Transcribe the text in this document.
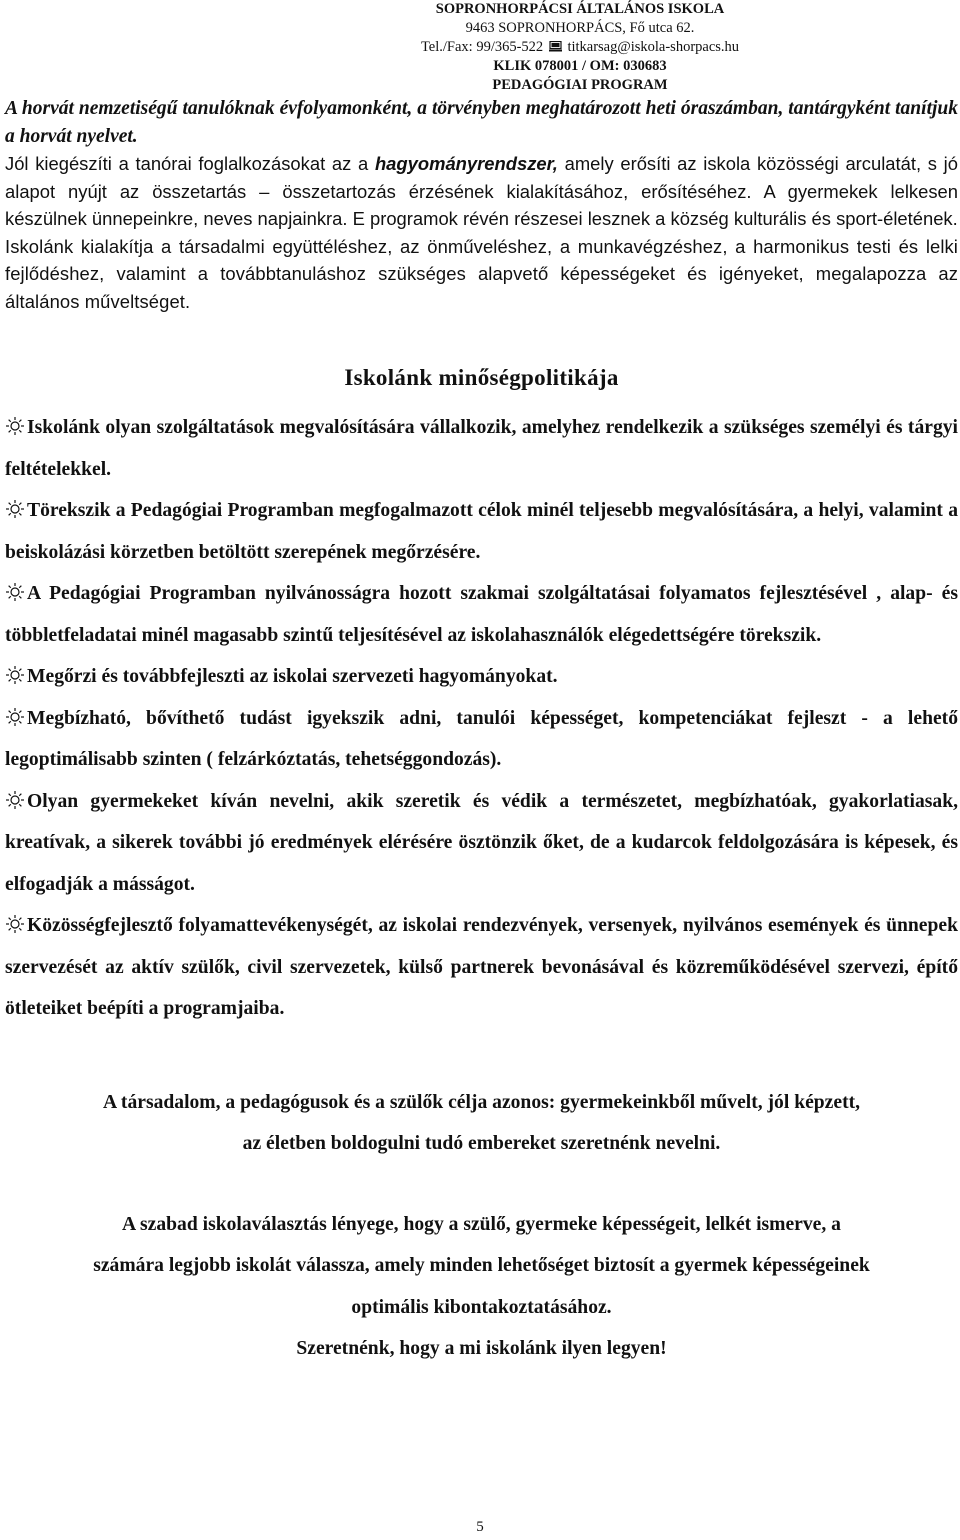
SOPRONHORPÁCSI ÁLTALÁNOS ISKOLA
9463 SOPRONHORPÁCS, Fő utca 62.
Tel./Fax: 99/365-522 titkarsag@iskola-shorpacs.hu
KLIK 078001 / OM: 030683
PEDAGÓGIAI PROGRAM

A horvát nemzetiségű tanulóknak évfolyamonként, a törvényben meghatározott heti óraszámban, tantárgyként tanítjuk a horvát nyelvet.

Jól kiegészíti a tanórai foglalkozásokat az a hagyományrendszer, amely erősíti az iskola közösségi arculatát, s jó alapot nyújt az összetartás – összetartozás érzésének kialakításához, erősítéséhez. A gyermekek lelkesen készülnek ünnepeinkre, neves napjainkra. E programok révén részesei lesznek a község kulturális és sport-életének.

Iskolánk kialakítja a társadalmi együttéléshez, az önműveléshez, a munkavégzéshez, a harmonikus testi és lelki fejlődéshez, valamint a továbbtanuláshoz szükséges alapvető képességeket és igényeket, megalapozza az általános műveltséget.

Iskolánk minőségpolitikája

Iskolánk olyan szolgáltatások megvalósítására vállalkozik, amelyhez rendelkezik a szükséges személyi és tárgyi feltételekkel.

Törekszik a Pedagógiai Programban megfogalmazott célok minél teljesebb megvalósítására, a helyi, valamint a beiskolázási körzetben betöltött szerepének megőrzésére.

A Pedagógiai Programban nyilvánosságra hozott szakmai szolgáltatásai folyamatos fejlesztésével , alap- és többletfeladatai minél magasabb szintű teljesítésével az iskolahasználók elégedettségére törekszik.

Megőrzi és továbbfejleszti az iskolai szervezeti hagyományokat.

Megbízható, bővíthető tudást igyekszik adni, tanulói képességet, kompetenciákat fejleszt - a lehető legoptimálisabb szinten ( felzárkóztatás, tehetséggondozás).

Olyan gyermekeket kíván nevelni, akik szeretik és védik a természetet, megbízhatóak, gyakorlatiasak, kreatívak, a sikerek további jó eredmények elérésére ösztönzik őket, de a kudarcok feldolgozására is képesek, és elfogadják a másságot.

Közösségfejlesztő folyamattevékenységét, az iskolai rendezvények, versenyek, nyilvános események és ünnepek szervezését az aktív szülők, civil szervezetek, külső partnerek bevonásával és közreműködésével szervezi, építő ötleteiket beépíti a programjaiba.

A társadalom, a pedagógusok és a szülők célja azonos: gyermekeinkből művelt, jól képzett,
az életben boldogulni tudó embereket szeretnénk nevelni.
A szabad iskolaválasztás lényege, hogy a szülő, gyermeke képességeit, lelkét ismerve, a
számára legjobb iskolát válassza, amely minden lehetőséget biztosít a gyermek képességeinek
optimális kibontakoztatásához.
Szeretnénk, hogy a mi iskolánk ilyen legyen!
5
